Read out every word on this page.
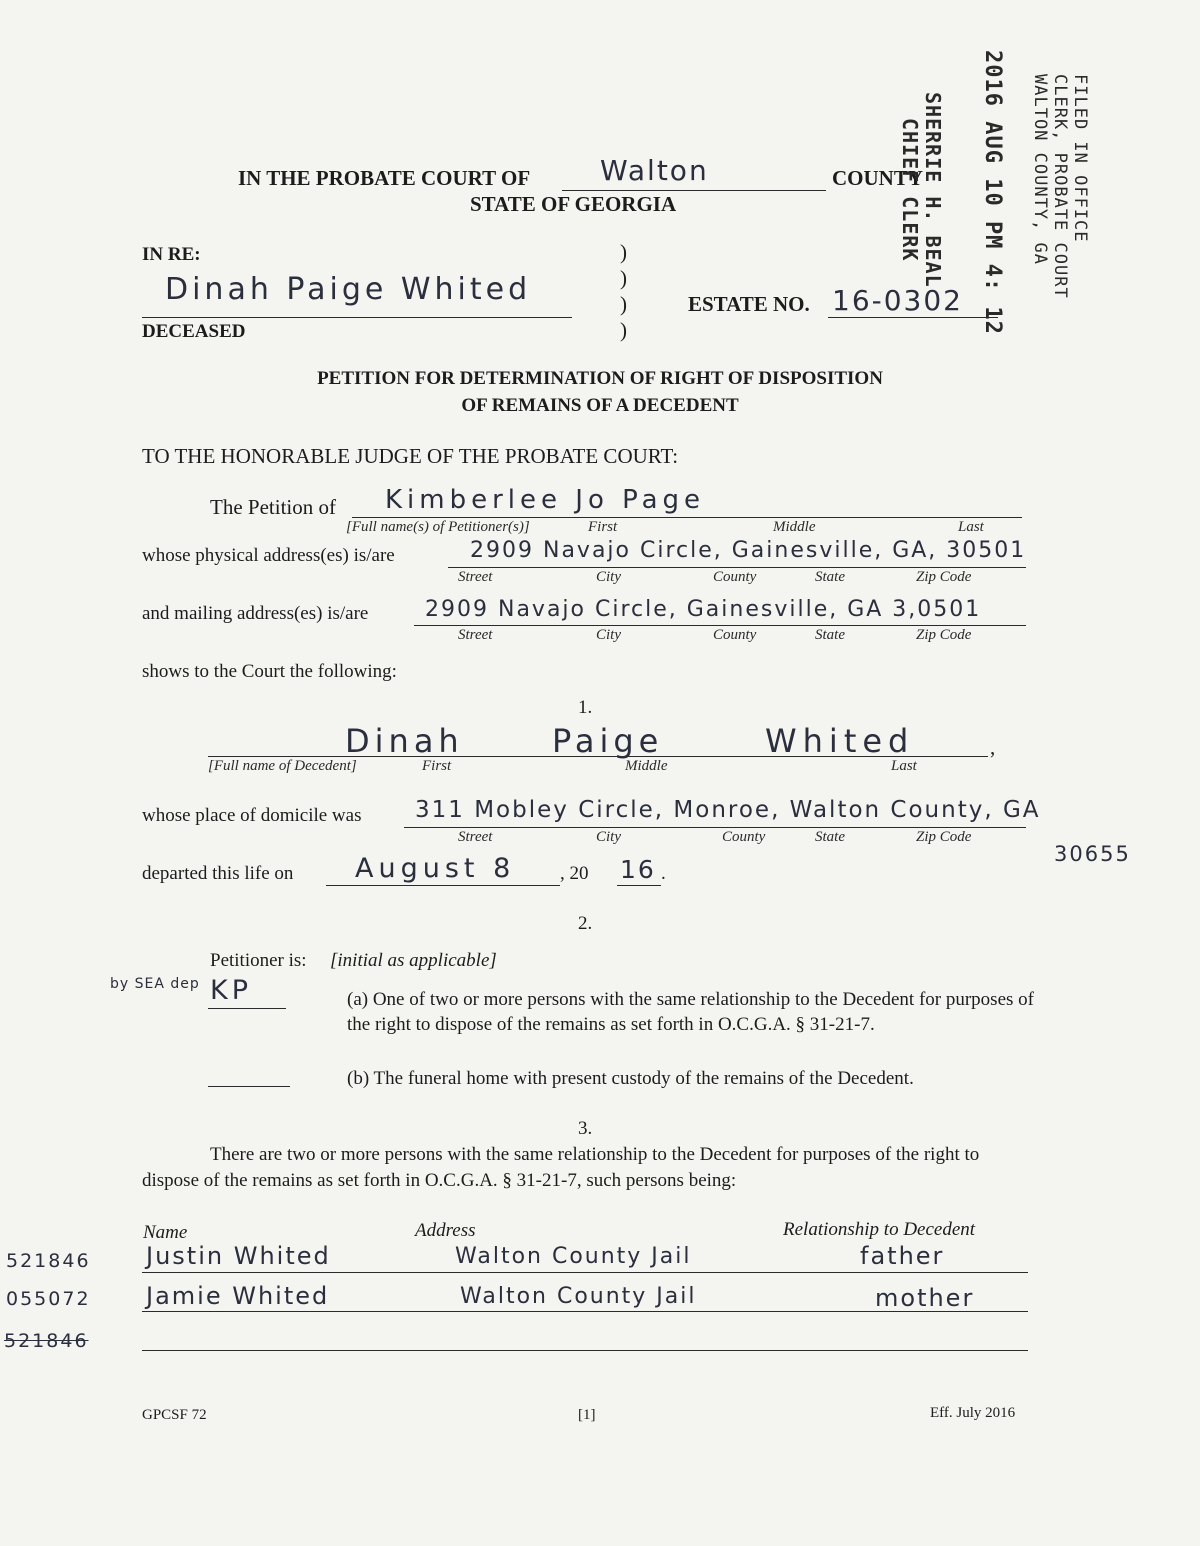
IN THE PROBATE COURT OF Walton	COUNTY
STATE OF GEORGIA	FILED IN OFFICE
CLERK, PROBATE COURT
WALTON COUNTY, GA
2016 AUG 10 PM 4: 12
SHERRIE H. BEAL
CHIEF CLERK
IN RE:
Dinah Paige Whited
DECEASED
)
)
)
)
ESTATE NO. 16-0302
PETITION FOR DETERMINATION OF RIGHT OF DISPOSITION
OF REMAINS OF A DECEDENT
TO THE HONORABLE JUDGE OF THE PROBATE COURT:
The Petition of Kimberlee Jo Page
[Full name(s) of Petitioner(s)]	First	Middle	Last
whose physical address(es) is/are	2909 Navajo Circle, Gainesville, GA, 30501
Street	City	County	State	Zip Code
and mailing address(es) is/are	2909 Navajo Circle, Gainesville, GA 3,0501
Street	City	County	State	Zip Code
shows to the Court the following:
1.
Dinah	Paige	Whited	,
[Full name of Decedent]	First	Middle	Last
whose place of domicile was 311 Mobley Circle, Monroe, Walton County, GA
30655
Street	City	County	State	Zip Code
departed this life on August 8 , 20 16 .
2.
Petitioner is: [initial as applicable]
by SEA dep KP	(a) One of two or more persons with the same relationship to the Decedent for purposes of the right to dispose of the remains as set forth in O.C.G.A. § 31-21-7.
(b) The funeral home with present custody of the remains of the Decedent.
3.
There are two or more persons with the same relationship to the Decedent for purposes of the right to dispose of the remains as set forth in O.C.G.A. § 31-21-7, such persons being:
Name	Address	Relationship to Decedent
521846 Justin Whited	Walton County Jail	father
055072 Jamie Whited	Walton County Jail	mother
521846
GPCSF 72	[1]	Eff. July 2016
